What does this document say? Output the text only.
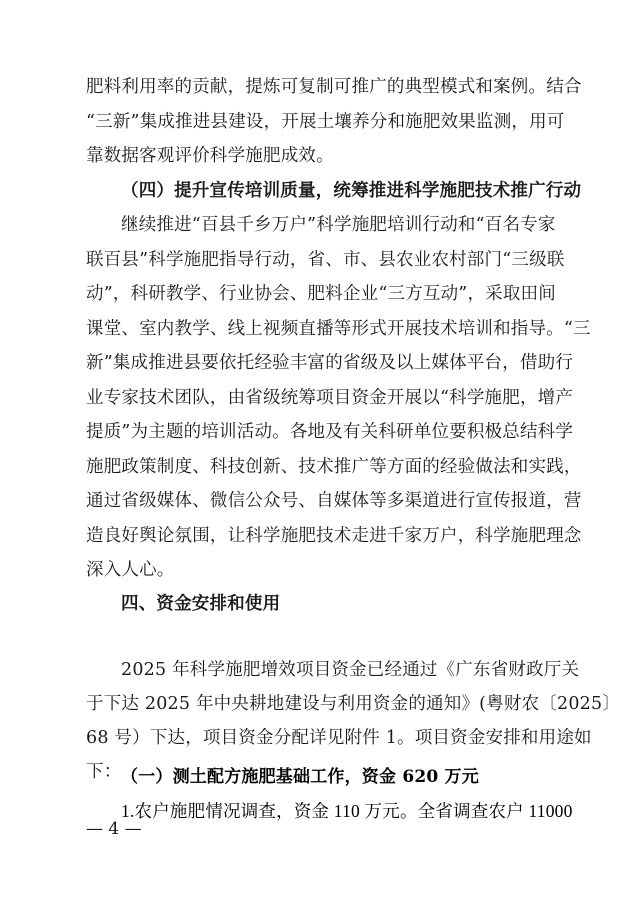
肥料利用率的贡献，提炼可复制可推广的典型模式和案例。结合
“三新”集成推进县建设，开展土壤养分和施肥效果监测，用可
靠数据客观评价科学施肥成效。
（四）提升宣传培训质量，统筹推进科学施肥技术推广行动
继续推进“百县千乡万户”科学施肥培训行动和“百名专家
联百县”科学施肥指导行动，省、市、县农业农村部门“三级联
动”，科研教学、行业协会、肥料企业“三方互动”，采取田间
课堂、室内教学、线上视频直播等形式开展技术培训和指导。“三
新”集成推进县要依托经验丰富的省级及以上媒体平台，借助行
业专家技术团队，由省级统筹项目资金开展以“科学施肥，增产
提质”为主题的培训活动。各地及有关科研单位要积极总结科学
施肥政策制度、科技创新、技术推广等方面的经验做法和实践，
通过省级媒体、微信公众号、自媒体等多渠道进行宣传报道，营
造良好舆论氛围，让科学施肥技术走进千家万户，科学施肥理念
深入人心。
四、资金安排和使用
2025 年科学施肥增效项目资金已经通过《广东省财政厅关
于下达 2025 年中央耕地建设与利用资金的通知》(粤财农〔2025〕
68 号）下达，项目资金分配详见附件 1。项目资金安排和用途如
下：
— 4 —
（一）测土配方施肥基础工作，资金 620 万元
1.农户施肥情况调查，资金 110 万元。全省调查农户 11000
